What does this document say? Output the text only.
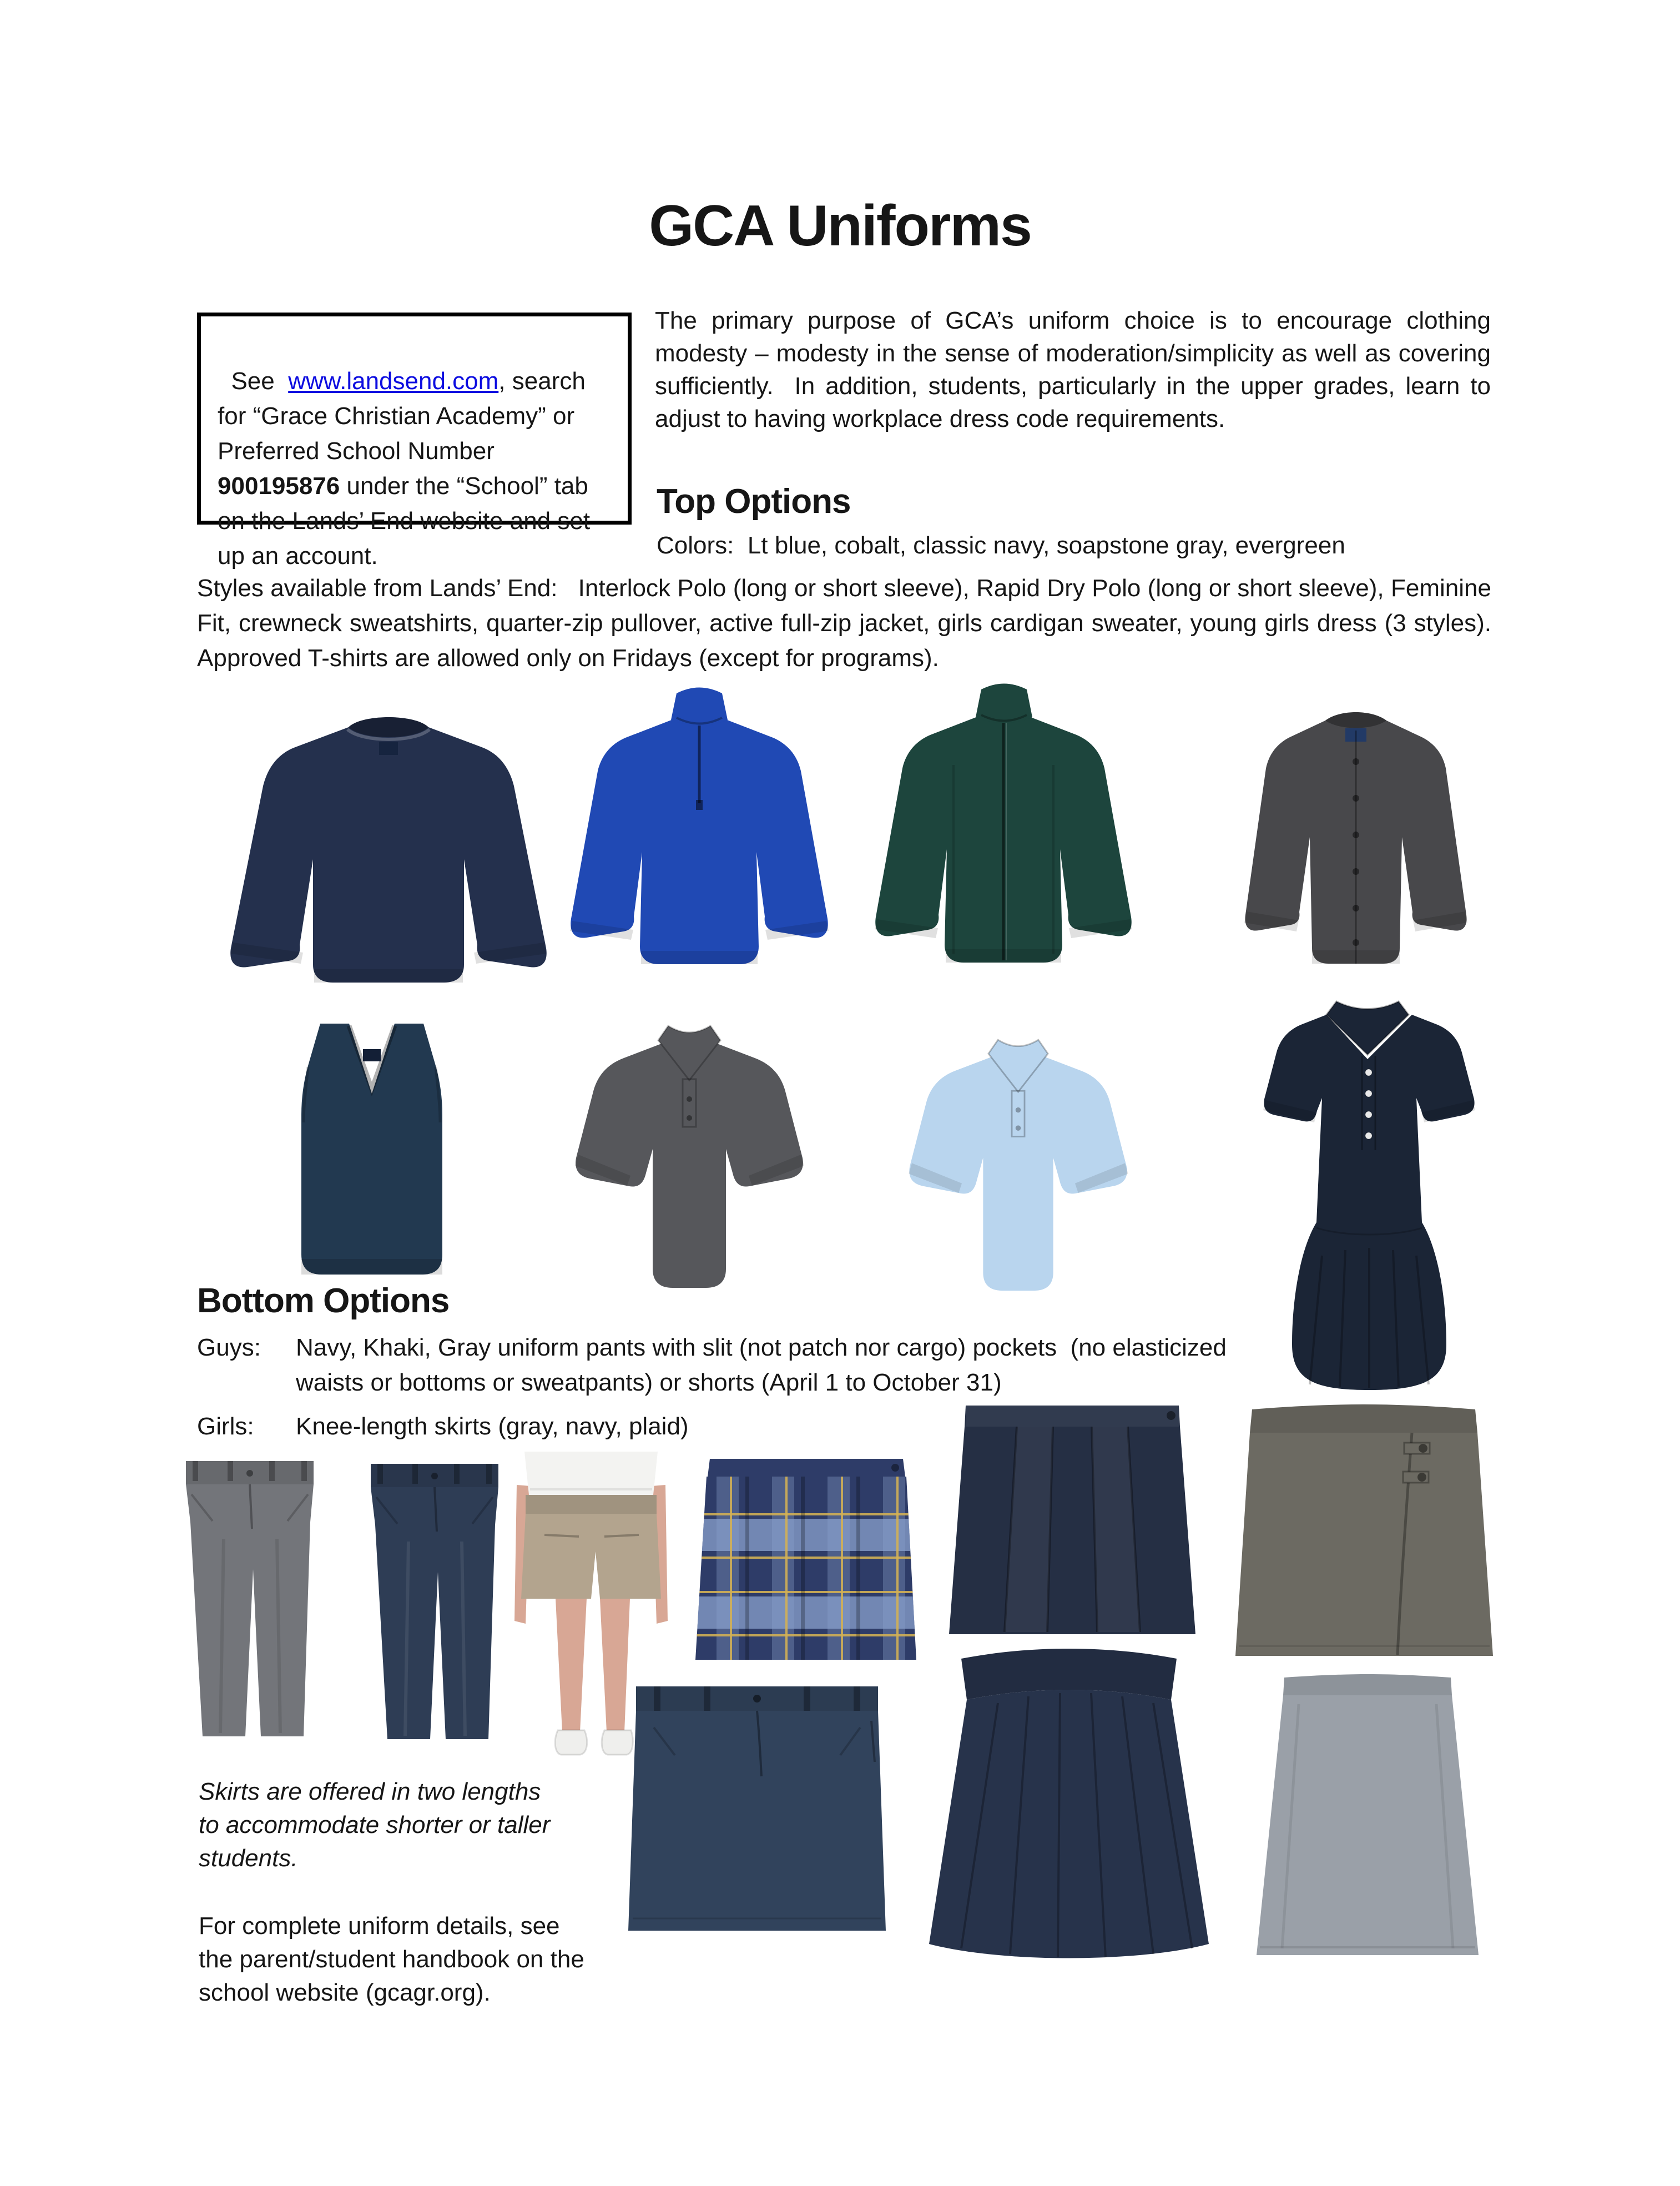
GCA Uniforms

See  www.landsend.com, search for “Grace Christian Academy” or Preferred School Number 900195876 under the “School” tab on the Lands’ End website and set up an account.

The primary purpose of GCA’s uniform choice is to encourage clothing modesty – modesty in the sense of moderation/simplicity as well as covering sufficiently.  In addition, students, particularly in the upper grades, learn to adjust to having workplace dress code requirements.

Top Options

Colors:  Lt blue, cobalt, classic navy, soapstone gray, evergreen

Styles available from Lands’ End:   Interlock Polo (long or short sleeve), Rapid Dry Polo (long or short sleeve), Feminine Fit, crewneck sweatshirts, quarter-zip pullover, active full-zip jacket, girls cardigan sweater, young girls dress (3 styles).  Approved T-shirts are allowed only on Fridays (except for programs).

Bottom Options
Guys:	Navy, Khaki, Gray uniform pants with slit (not patch nor cargo) pockets  (no elasticized waists or bottoms or sweatpants) or shorts (April 1 to October 31)
Girls:	Knee-length skirts (gray, navy, plaid)

Skirts are offered in two lengths to accommodate shorter or taller students.

For complete uniform details, see the parent/student handbook on the school website (gcagr.org).
